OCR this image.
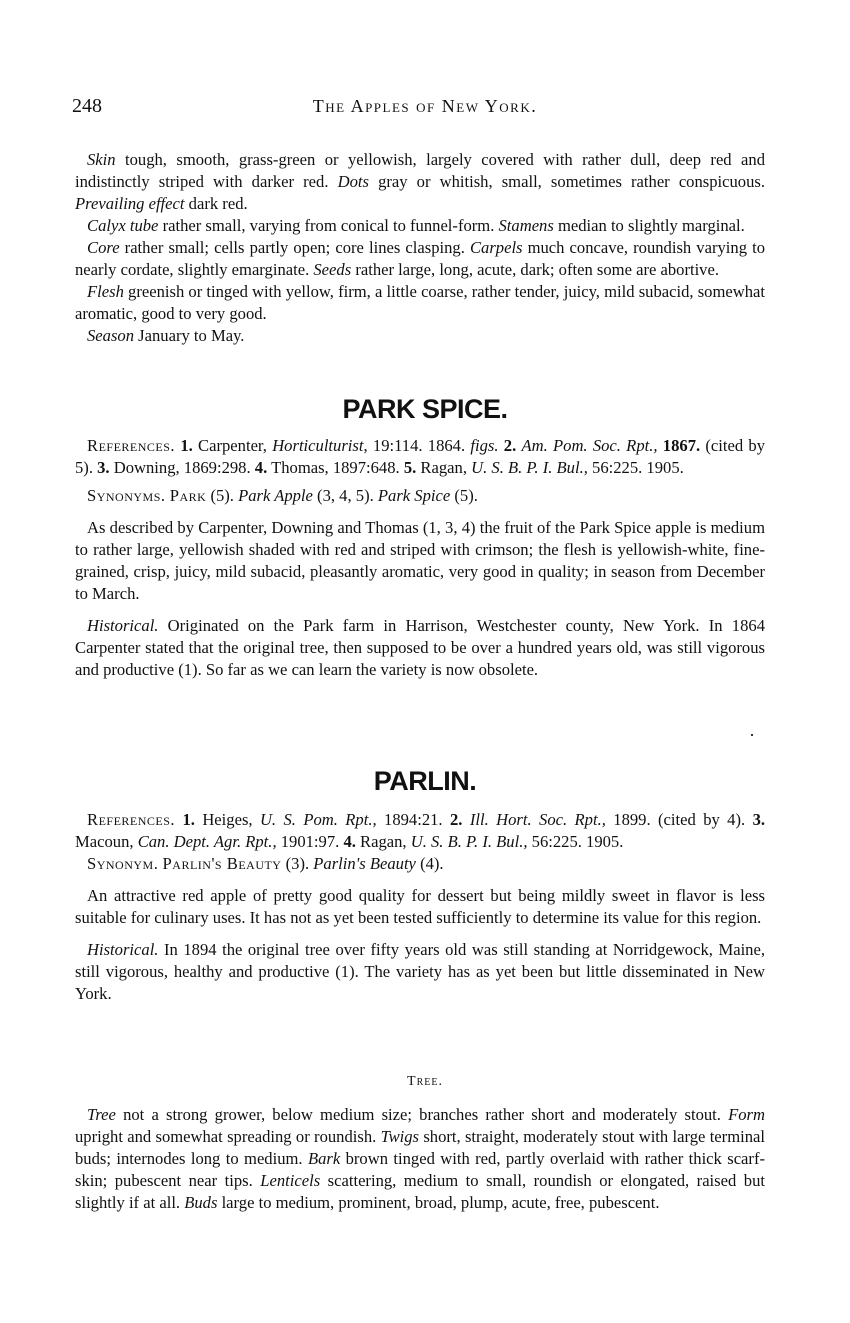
248	The Apples of New York.

Skin tough, smooth, grass-green or yellowish, largely covered with rather dull, deep red and indistinctly striped with darker red. Dots gray or whitish, small, sometimes rather conspicuous. Prevailing effect dark red.

Calyx tube rather small, varying from conical to funnel-form. Stamens median to slightly marginal.

Core rather small; cells partly open; core lines clasping. Carpels much concave, roundish varying to nearly cordate, slightly emarginate. Seeds rather large, long, acute, dark; often some are abortive.

Flesh greenish or tinged with yellow, firm, a little coarse, rather tender, juicy, mild subacid, somewhat aromatic, good to very good.

Season January to May.

PARK SPICE.

References. 1. Carpenter, Horticulturist, 19:114. 1864. figs. 2. Am. Pom. Soc. Rpt., 1867. (cited by 5). 3. Downing, 1869:298. 4. Thomas, 1897:648. 5. Ragan, U. S. B. P. I. Bul., 56:225. 1905.

Synonyms. Park (5). Park Apple (3, 4, 5). Park Spice (5).

As described by Carpenter, Downing and Thomas (1, 3, 4) the fruit of the Park Spice apple is medium to rather large, yellowish shaded with red and striped with crimson; the flesh is yellowish-white, fine-grained, crisp, juicy, mild subacid, pleasantly aromatic, very good in quality; in season from December to March.

Historical. Originated on the Park farm in Harrison, Westchester county, New York. In 1864 Carpenter stated that the original tree, then supposed to be over a hundred years old, was still vigorous and productive (1). So far as we can learn the variety is now obsolete.

PARLIN.

References. 1. Heiges, U. S. Pom. Rpt., 1894:21. 2. Ill. Hort. Soc. Rpt., 1899. (cited by 4). 3. Macoun, Can. Dept. Agr. Rpt., 1901:97. 4. Ragan, U. S. B. P. I. Bul., 56:225. 1905.

Synonym. Parlin's Beauty (3). Parlin's Beauty (4).

An attractive red apple of pretty good quality for dessert but being mildly sweet in flavor is less suitable for culinary uses. It has not as yet been tested sufficiently to determine its value for this region.

Historical. In 1894 the original tree over fifty years old was still standing at Norridgewock, Maine, still vigorous, healthy and productive (1). The variety has as yet been but little disseminated in New York.

Tree.

Tree not a strong grower, below medium size; branches rather short and moderately stout. Form upright and somewhat spreading or roundish. Twigs short, straight, moderately stout with large terminal buds; internodes long to medium. Bark brown tinged with red, partly overlaid with rather thick scarf-skin; pubescent near tips. Lenticels scattering, medium to small, roundish or elongated, raised but slightly if at all. Buds large to medium, prominent, broad, plump, acute, free, pubescent.
